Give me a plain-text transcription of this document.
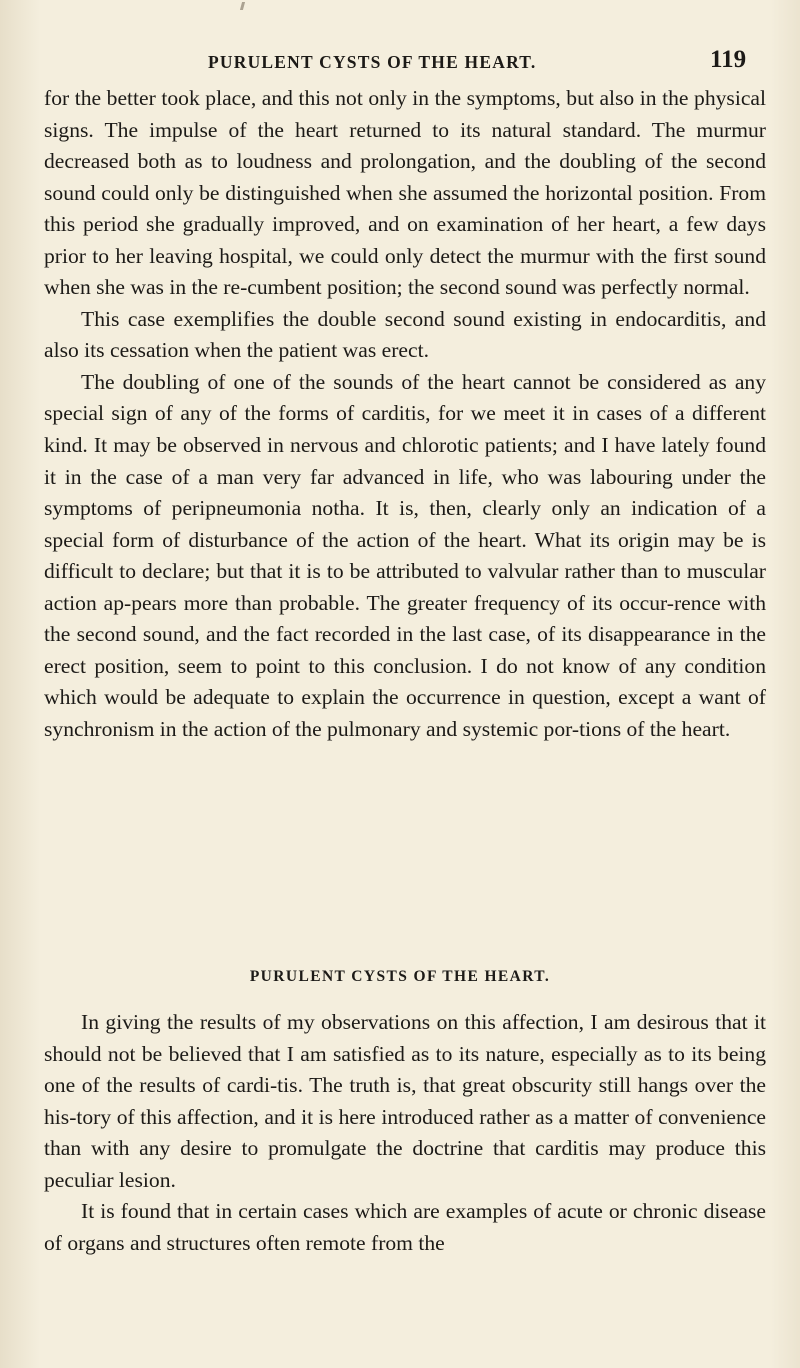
PURULENT CYSTS OF THE HEART.	119

for the better took place, and this not only in the symptoms, but also in the physical signs. The impulse of the heart returned to its natural standard. The murmur decreased both as to loudness and prolongation, and the doubling of the second sound could only be distinguished when she assumed the horizontal position. From this period she gradually improved, and on examination of her heart, a few days prior to her leaving hospital, we could only detect the murmur with the first sound when she was in the re-cumbent position; the second sound was perfectly normal.

This case exemplifies the double second sound existing in endocarditis, and also its cessation when the patient was erect.

The doubling of one of the sounds of the heart cannot be considered as any special sign of any of the forms of carditis, for we meet it in cases of a different kind. It may be observed in nervous and chlorotic patients; and I have lately found it in the case of a man very far advanced in life, who was labouring under the symptoms of peripneumonia notha. It is, then, clearly only an indication of a special form of disturbance of the action of the heart. What its origin may be is difficult to declare; but that it is to be attributed to valvular rather than to muscular action ap-pears more than probable. The greater frequency of its occur-rence with the second sound, and the fact recorded in the last case, of its disappearance in the erect position, seem to point to this conclusion. I do not know of any condition which would be adequate to explain the occurrence in question, except a want of synchronism in the action of the pulmonary and systemic por-tions of the heart.

PURULENT CYSTS OF THE HEART.

In giving the results of my observations on this affection, I am desirous that it should not be believed that I am satisfied as to its nature, especially as to its being one of the results of cardi-tis. The truth is, that great obscurity still hangs over the his-tory of this affection, and it is here introduced rather as a matter of convenience than with any desire to promulgate the doctrine that carditis may produce this peculiar lesion.

It is found that in certain cases which are examples of acute or chronic disease of organs and structures often remote from the
